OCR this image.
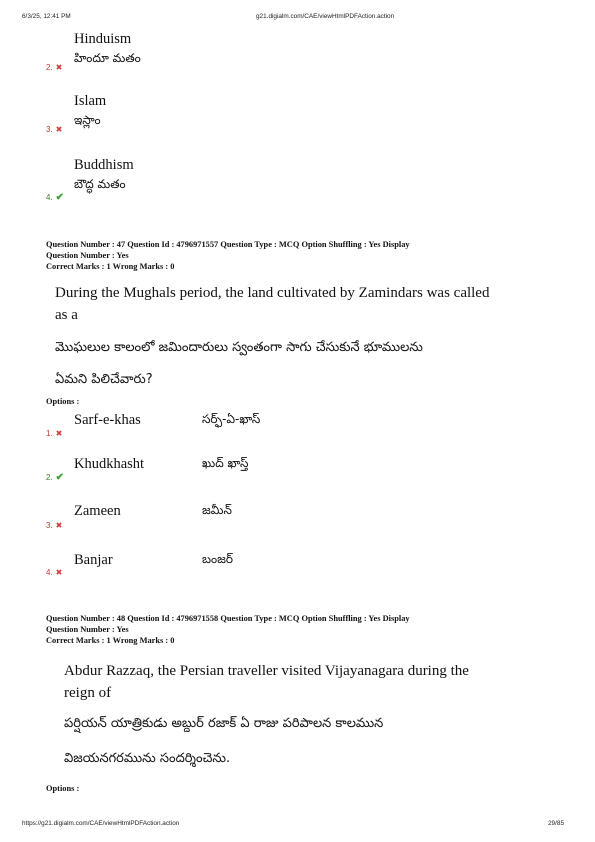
6/3/25, 12:41 PM	g21.digialm.com/CAE/viewHtmlPDFAction.action
Hinduism
హిందూ మతం
2. ✖
Islam
ఇస్లాం
3. ✖
Buddhism
బౌద్ధ మతం
4. ✔
Question Number : 47 Question Id : 4796971557 Question Type : MCQ Option Shuffling : Yes Display
Question Number : Yes
Correct Marks : 1 Wrong Marks : 0
During the Mughals period, the land cultivated by Zamindars was called
as a
మొఘలుల కాలంలో జమిందారులు స్వంతంగా సాగు చేసుకునే భూములను
ఏమని పిలిచేవారు?
Options :
Sarf-e-khas	సర్ఫ్-ఏ-ఖాస్
1. ✖
Khudkhasht	ఖుద్ ఖాస్త్
2. ✔
Zameen	జమీన్
3. ✖
Banjar	బంజర్
4. ✖
Question Number : 48 Question Id : 4796971558 Question Type : MCQ Option Shuffling : Yes Display
Question Number : Yes
Correct Marks : 1 Wrong Marks : 0
Abdur Razzaq, the Persian traveller visited Vijayanagara during the
reign of
పర్షియన్ యాత్రికుడు అబ్దుర్ రజాక్ ఏ రాజు పరిపాలన కాలమున
విజయనగరమును సందర్శించెను.
Options :
https://g21.digialm.com/CAE/viewHtmlPDFAction.action	29/85
